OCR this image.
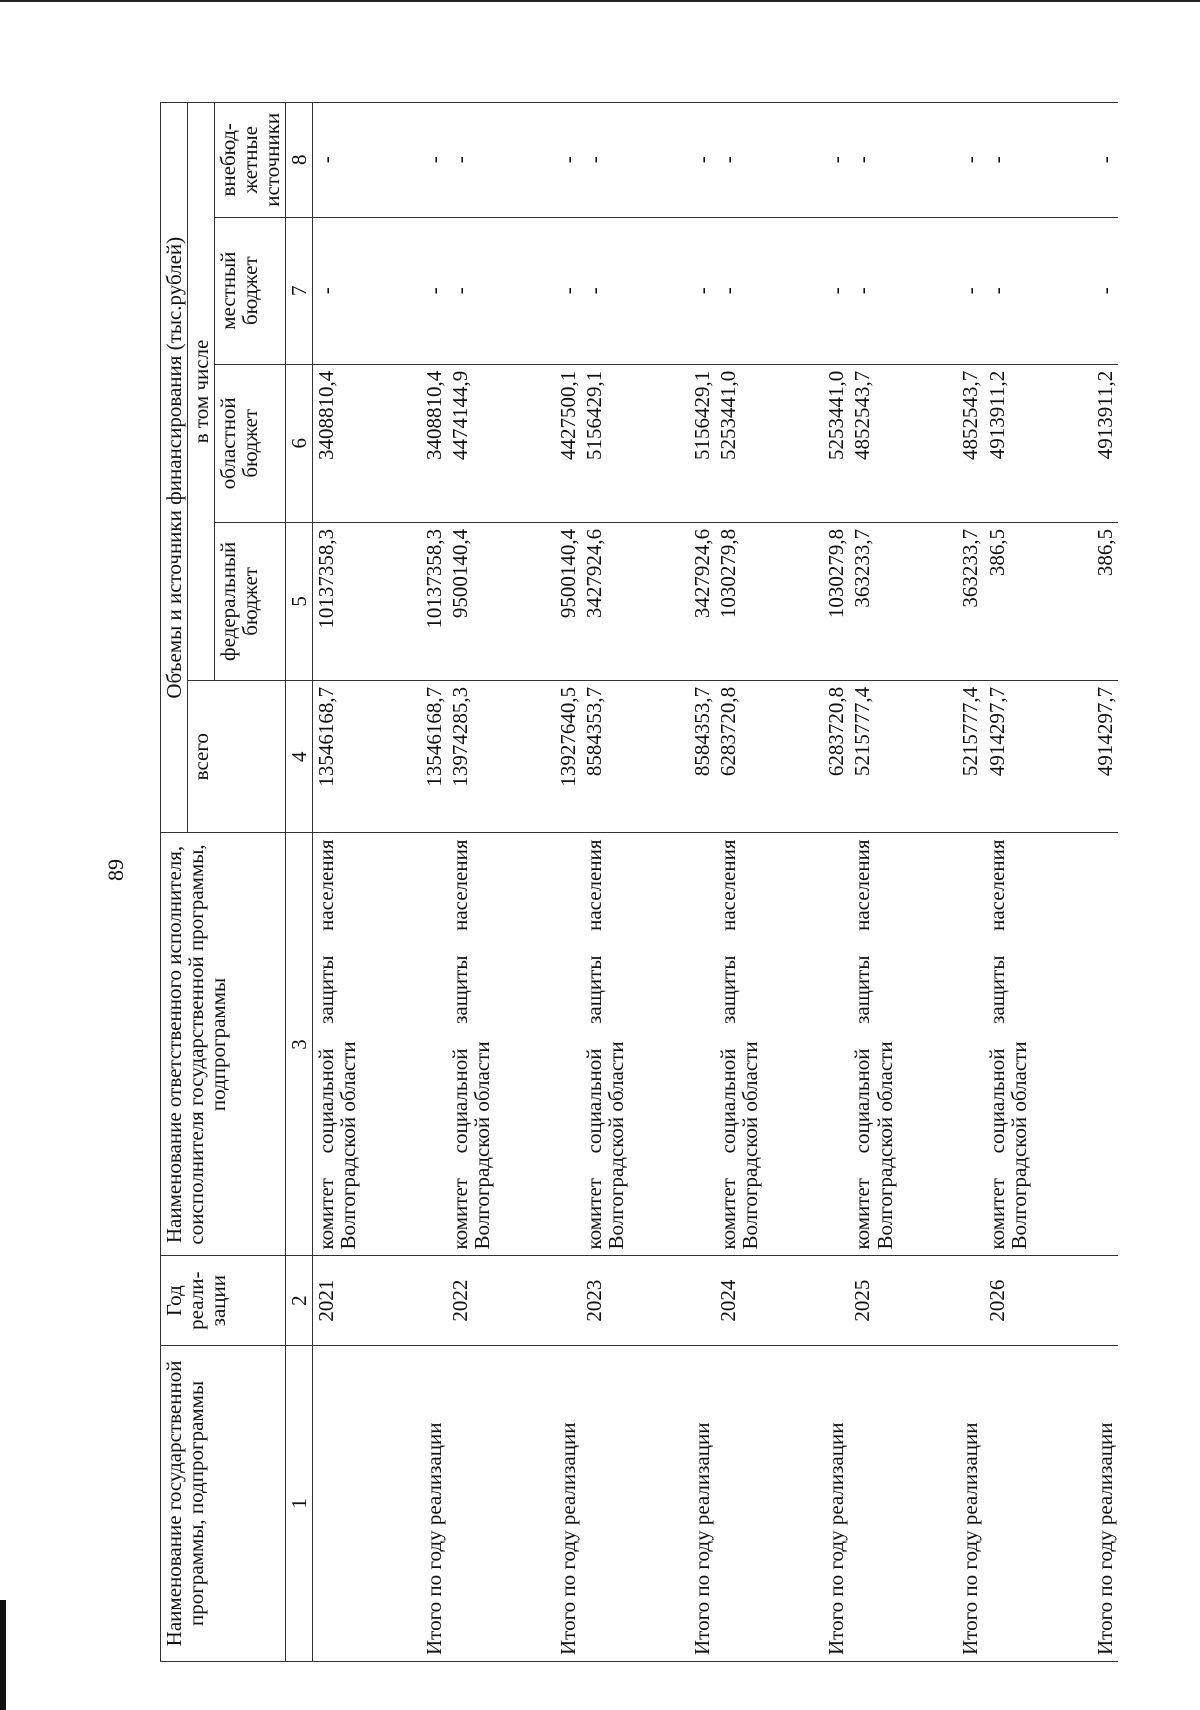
89
Наименование государственной программы, подпрограммы	Год реали-зации	Наименование ответственного исполнителя, соисполнителя государственной программы, подпрограммы	Объемы и источники финансирования (тыс.рублей)				
			всего	в том числе			
				федеральный бюджет	областной бюджет	местный бюджет	внебюд-жетные источники
1	2	3	4	5	6	7	8
	2021	комитет социальной защиты населения Волгоградской области	13546168,7	10137358,3	3408810,4	-	-
Итого по году реализации			13546168,7	10137358,3	3408810,4	-	-
	2022	комитет социальной защиты населения Волгоградской области	13974285,3	9500140,4	4474144,9	-	-
Итого по году реализации			13927640,5	9500140,4	4427500,1	-	-
	2023	комитет социальной защиты населения Волгоградской области	8584353,7	3427924,6	5156429,1	-	-
Итого по году реализации			8584353,7	3427924,6	5156429,1	-	-
	2024	комитет социальной защиты населения Волгоградской области	6283720,8	1030279,8	5253441,0	-	-
Итого по году реализации			6283720,8	1030279,8	5253441,0	-	-
	2025	комитет социальной защиты населения Волгоградской области	5215777,4	363233,7	4852543,7	-	-
Итого по году реализации			5215777,4	363233,7	4852543,7	-	-
	2026	комитет социальной защиты населения Волгоградской области	4914297,7	386,5	4913911,2	-	-
Итого по году реализации			4914297,7	386,5	4913911,2	-	-
